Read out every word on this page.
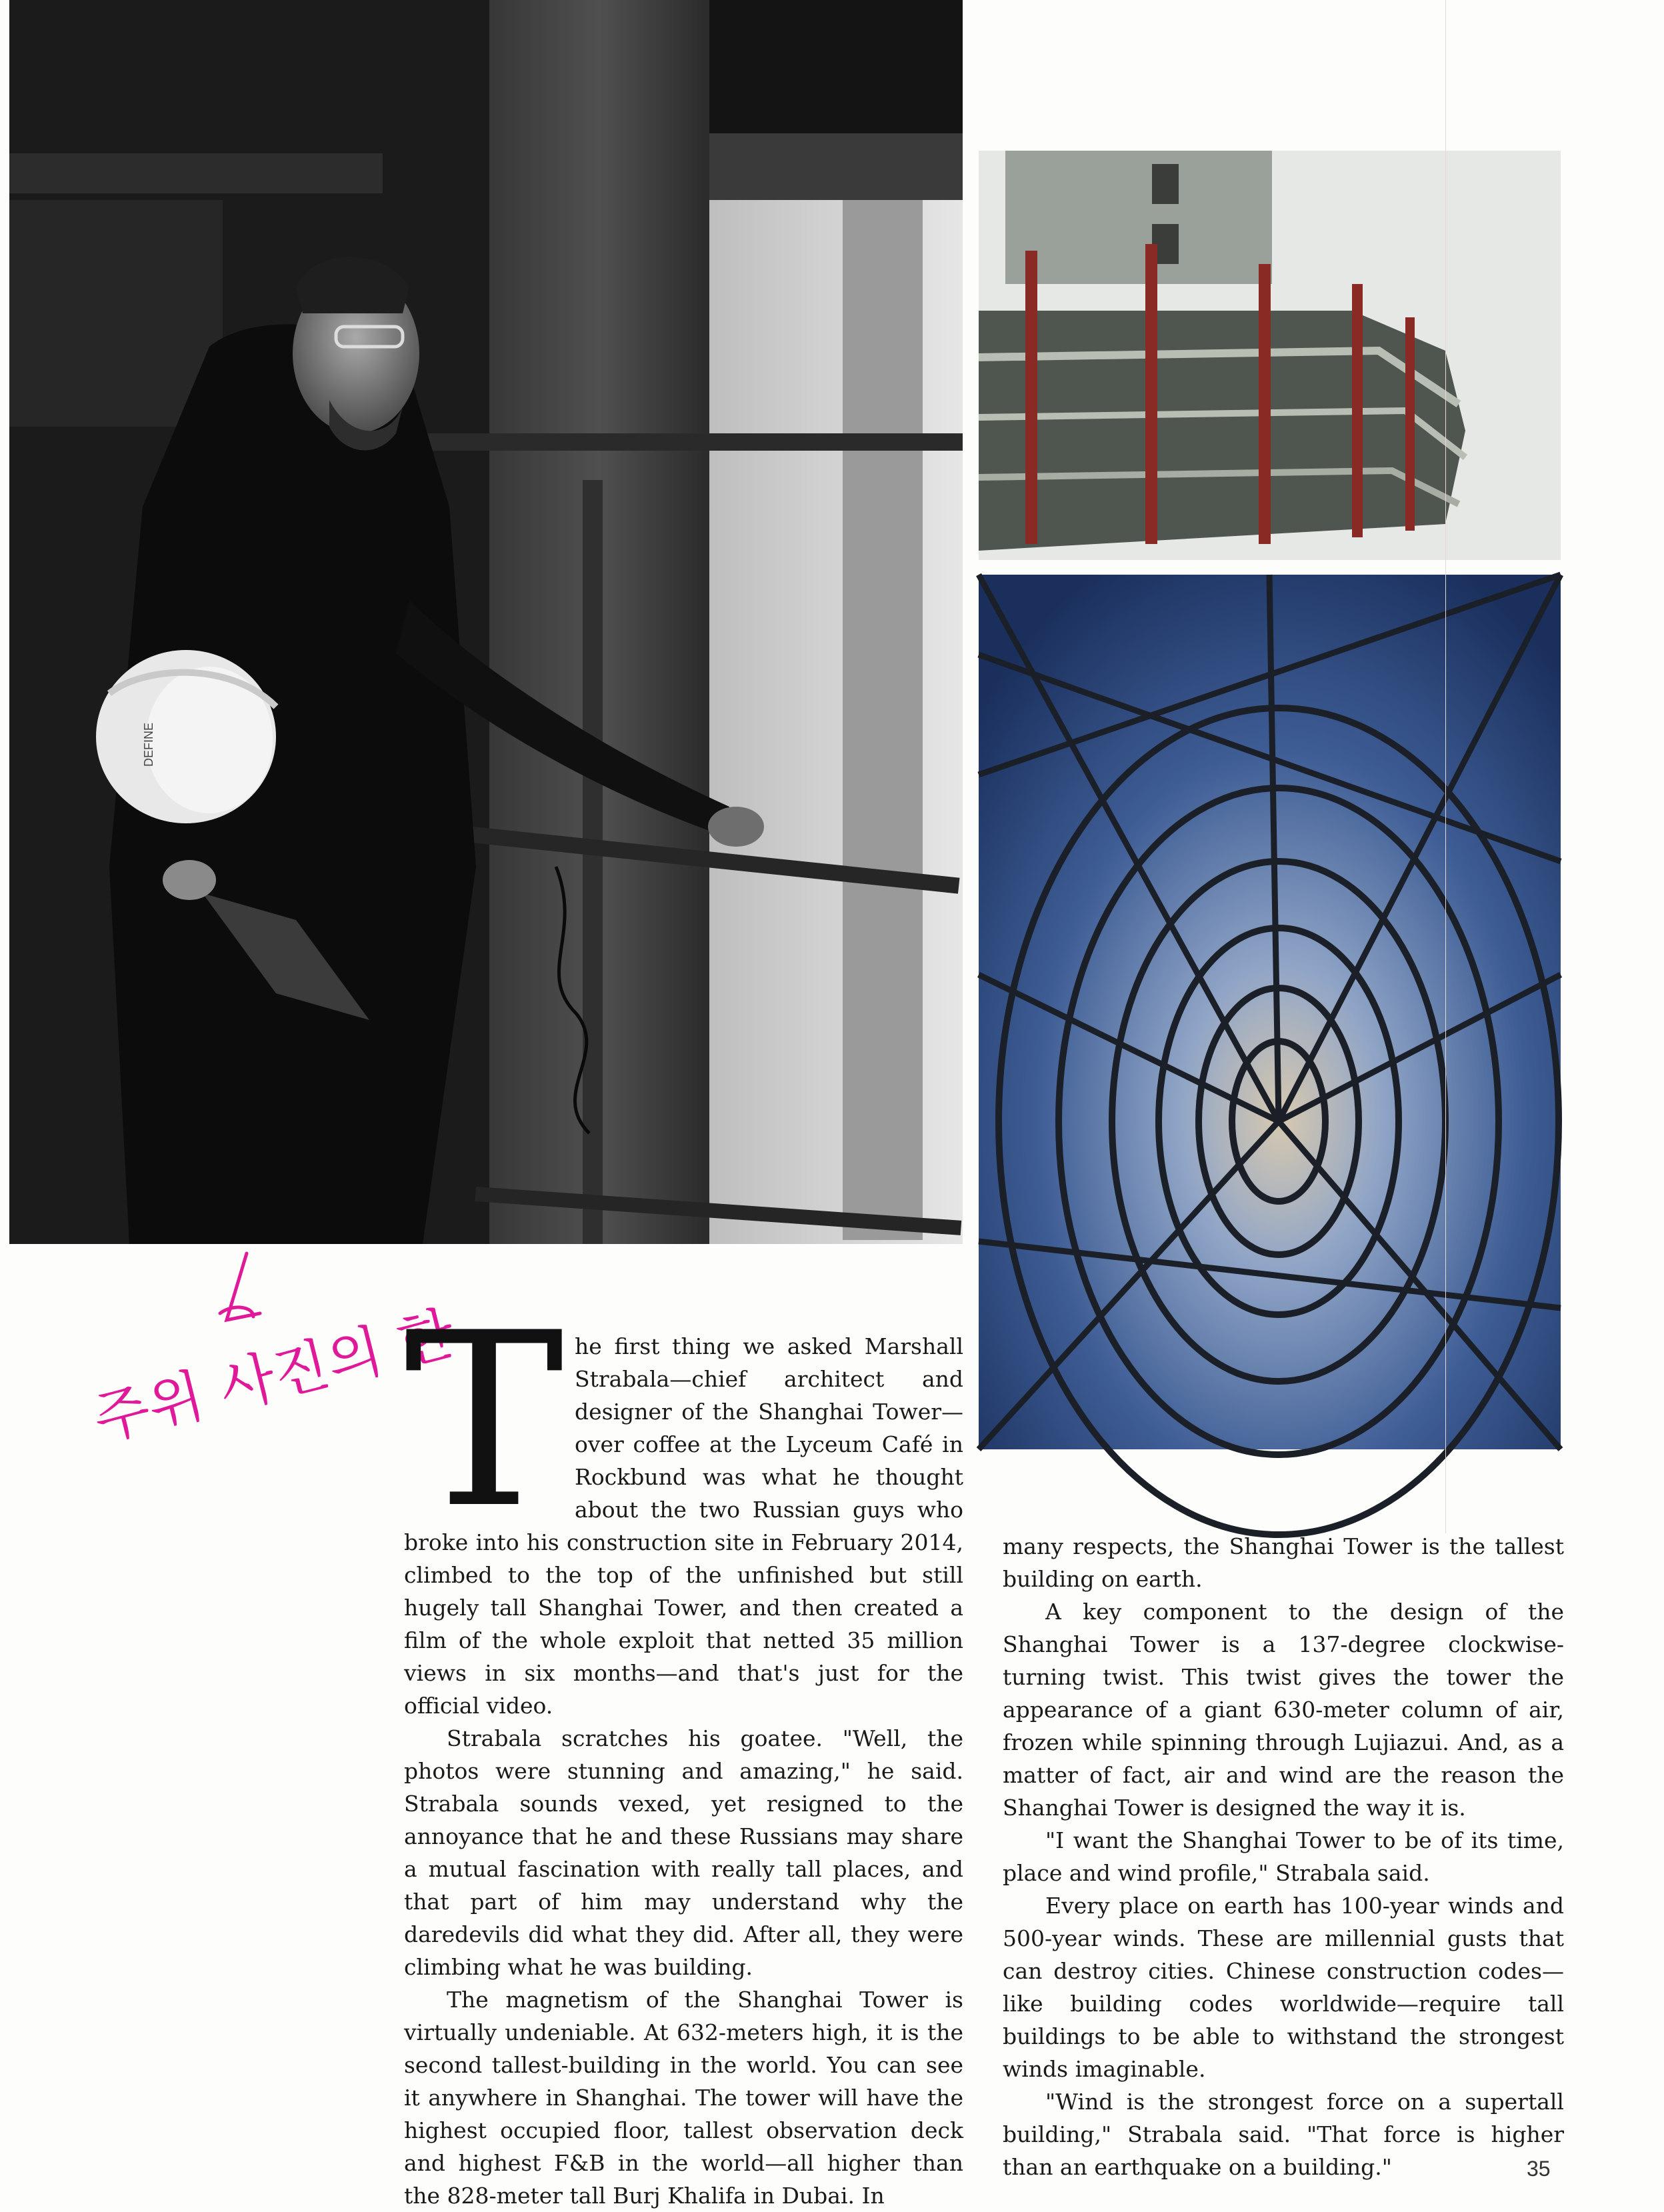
DEFINE
주위 사진의 한
T he first thing we asked Marshall Strabala—chief architect and designer of the Shanghai Tower—over coffee at the Lyceum Café in Rockbund was what he thought about the two Russian guys who broke into his construction site in February 2014, climbed to the top of the unfinished but still hugely tall Shanghai Tower, and then created a film of the whole exploit that netted 35 million views in six months—and that's just for the official video.

Strabala scratches his goatee. "Well, the photos were stunning and amazing," he said. Strabala sounds vexed, yet resigned to the annoyance that he and these Russians may share a mutual fascination with really tall places, and that part of him may understand why the daredevils did what they did. After all, they were climbing what he was building.

The magnetism of the Shanghai Tower is virtually undeniable. At 632-meters high, it is the second tallest-building in the world. You can see it anywhere in Shanghai. The tower will have the highest occupied floor, tallest observation deck and highest F&B in the world—all higher than the 828-meter tall Burj Khalifa in Dubai. In

many respects, the Shanghai Tower is the tallest building on earth.

A key component to the design of the Shanghai Tower is a 137-degree clockwise-turning twist. This twist gives the tower the appearance of a giant 630-meter column of air, frozen while spinning through Lujiazui. And, as a matter of fact, air and wind are the reason the Shanghai Tower is designed the way it is.

"I want the Shanghai Tower to be of its time, place and wind profile," Strabala said.

Every place on earth has 100-year winds and 500-year winds. These are millennial gusts that can destroy cities. Chinese construction codes—like building codes worldwide—require tall buildings to be able to withstand the strongest winds imaginable.

"Wind is the strongest force on a supertall building," Strabala said. "That force is higher than an earthquake on a building."	35
